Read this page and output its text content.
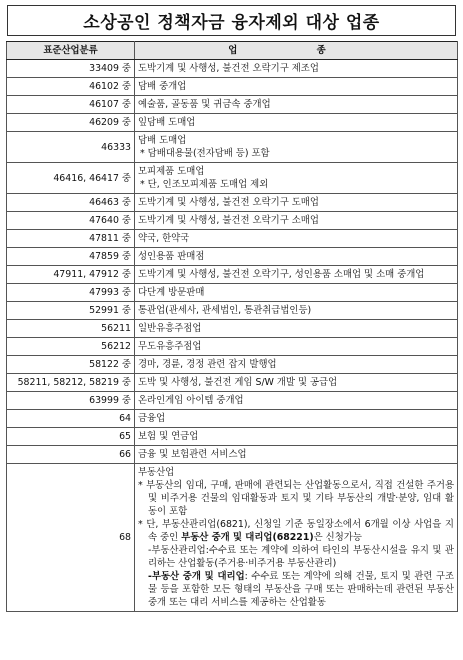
소상공인 정책자금 융자제외 대상 업종
표준산업분류	업 종
33409 중	도박기계 및 사행성, 불건전 오락기구 제조업

46102 중	담배 중개업

46107 중	예술품, 골동품 및 귀금속 중개업

46209 중	잎담배 도매업

46333	담배 도매업
* 담배대용물(전자담배 등) 포함

46416, 46417 중	모피제품 도매업
* 단, 인조모피제품 도매업 제외

46463 중	도박기계 및 사행성, 불건전 오락기구 도매업

47640 중	도박기계 및 사행성, 불건전 오락기구 소매업

47811 중	약국, 한약국

47859 중	성인용품 판매점

47911, 47912 중	도박기계 및 사행성, 불건전 오락기구, 성인용품 소매업 및 소매 중개업

47993 중	다단계 방문판매

52991 중	통관업(관세사, 관세법인, 통관취급법인등)

56211	일반유흥주점업

56212	무도유흥주점업

58122 중	경마, 경륜, 경정 관련 잡지 발행업

58211, 58212, 58219 중	도박 및 사행성, 불건전 게임 S/W 개발 및 공급업

63999 중	온라인게임 아이템 중개업

64	금융업

65	보험 및 연금업

66	금융 및 보험관련 서비스업

68	부동산업
* 부동산의 임대, 구매, 판매에 관련되는 산업활동으로서, 직접 건설한 주거용 및 비주거용 건물의 임대활동과 토지 및 기타 부동산의 개발·분양, 임대 활동이 포함
* 단, 부동산관리업(6821), 신청일 기준 동일장소에서 6개월 이상 사업을 지속 중인 부동산 중개 및 대리업(68221)은 신청가능
-부동산관리업:수수료 또는 계약에 의하여 타인의 부동산시설을 유지 및 관리하는 산업활동(주거용·비주거용 부동산관리)
-부동산 중개 및 대리업: 수수료 또는 계약에 의해 건물, 토지 및 관련 구조물 등을 포함한 모든 형태의 부동산을 구매 또는 판매하는데 관련된 부동산 중개 또는 대리 서비스를 제공하는 산업활동
